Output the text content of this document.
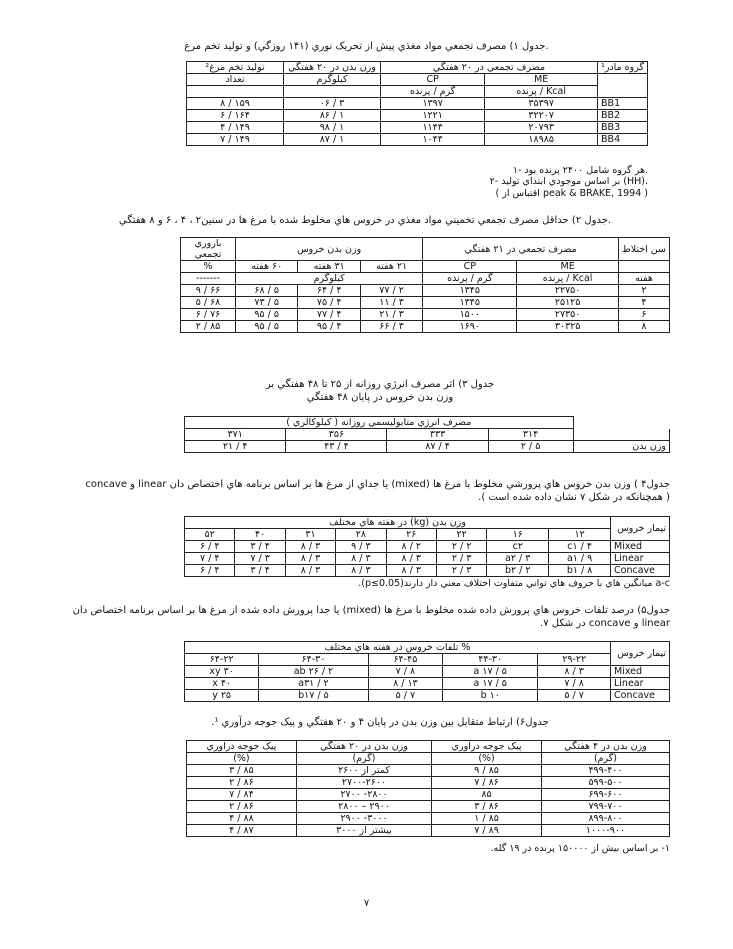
جدول ۱) مصرف تجمعي مواد مغذي پيش از تحريک نوري (۱۴۱ روزگي) و توليد تخم مرغ.
گروه مادر¹	مصرف تجمعي در ۲۰ هفتگي		وزن بدن در ۲۰ هفتگي	توليد تخم مرغ²

	ME	CP	کيلوگرم	تعداد
	Kcal / پرنده	گرم / پرنده		
BB1	۳۵۳۹۷	۱۳۹۷	۳ / ۰۶	۱۵۹ / ۸
BB2	۳۲۲۰۷	۱۲۲۱	۱ / ۸۶	۱۶۴ / ۶
BB3	۲۰۷۹۳	۱۱۴۴	۱ / ۹۸	۱۴۹ / ۴
BB4	۱۸۹۸۵	۱۰۴۴	۱ / ۸۷	۱۴۹ / ۷
۱- هر گروه شامل ۲۴۰۰ پرنده بود.
۲- بر اساس موجودي ابتداي توليد (HH).
( اقتباس از peak & BRAKE, 1994 )
جدول ۲) حداقل مصرف تجمعي تخميني مواد مغذي در خروس هاي مخلوط شده با مرغ ها در سنين۲ ، ۴ ، ۶ و ۸ هفتگي.
سن اختلاط	مصرف تجمعي در ۲۱ هفتگي		وزن بدن خروس			باروري تجمعي

	ME	CP	۲۱ هفته	۳۱ هفته	۶۰ هفته	%
هفته	Kcal / پرنده	گرم / پرنده	کيلوگرم			-------
۲	۲۲۷۵۰	۱۳۴۵	۲ / ۷۷	۴ / ۶۴	۵ / ۶۸	۶۶ / ۹
۴	۲۵۱۲۵	۱۳۴۵	۳ / ۱۱	۴ / ۷۵	۵ / ۷۳	۶۸ / ۵
۶	۲۷۳۵۰	۱۵۰۰	۳ / ۲۱	۴ / ۷۷	۵ / ۹۵	۷۶ / ۶
۸	۳۰۳۲۵	۱۶۹۰	۳ / ۶۶	۴ / ۹۵	۵ / ۹۵	۸۵ / ۲
جدول ۳) اثر مصرف انرژي روزانه از ۲۵ تا ۴۸ هفتگي بر
وزن بدن خروس در پايان ۴۸ هفتگي
	مصرف انرژي متابوليسمي روزانه ( کيلوکالري )			
	۳۱۴	۳۳۳	۳۵۶	۳۷۱
وزن بدن	۵ / ۲	۴ / ۸۷	۴ / ۴۳	۴ / ۲۱
جدول۴ ) وزن بدن خروس هاي پرورشي مخلوط با مرغ ها (mixed) يا جداي از مرغ ها بر اساس برنامه هاي اختصاص دان linear و concave ( همچنانکه در شکل ۷ نشان داده شده است ).
تيمار خروس	وزن بدن (kg) در هفته هاي مختلف							
	۱۲	۱۶	۲۲	۲۶	۲۸	۳۱	۴۰	۵۲
Mixed	c۱ / ۴	c۲	۲ / ۲	۲ / ۸	۳ / ۹	۳ / ۸	۴ / ۳	۴ / ۶
Linear	a۱ / ۹	a۲ / ۳	۳ / ۲	۳ / ۸	۳ / ۸	۳ / ۸	۳ / ۷	۴ / ۷
Concave	b۱ / ۸	b۲ / ۲	۳ / ۲	۳ / ۸	۳ / ۸	۳ / ۸	۴ / ۳	۴ / ۶
a-c ميانگين هاي با حروف هاي تواني متفاوت اختلاف معني دار دارند(p≤0.05).
جدول۵) درصد تلفات خروس هاي پرورش داده شده مخلوط با مرغ ها (mixed) يا جدا پرورش داده شده از مرغ ها بر اساس برنامه اختصاص دان linear و concave در شکل ۷.
تيمار خروس	% تلفات خروس در هفته هاي مختلف				
	۲۹-۲۲	۴۴-۳۰	۶۴-۴۵	۶۴-۳۰	۶۴-۲۲
Mixed	۳ / ۸	a ۱۷ / ۵	۸ / ۷	ab ۲۶ / ۲	xy ۳۰
Linear	۸ / ۷	a ۱۷ / ۵	۱۳ / ۸	a۳۱ / ۲	x ۴۰
Concave	۷ / ۵	b ۱۰	۷ / ۵	b۱۷ / ۵	y ۲۵
جدول۶) ارتباط متقابل بين وزن بدن در پايان ۴ و ۲۰ هفتگي و پيک جوجه درآوري ¹.
وزن بدن در ۴ هفتگي	پيک جوجه درآوري	وزن بدن در ۲۰ هفتگي	پيک جوجه درآوري
(گرم)	(%)	(گرم)	(%)
۴۹۹-۴۰۰	۸۵ / ۹	کمتر از ۲۶۰۰	۸۵ / ۳
۵۹۹-۵۰۰	۸۶ / ۷	۲۷۰۰-۲۶۰۰	۸۶ / ۲
۶۹۹-۶۰۰	۸۵	۲۸۰۰- ۲۷۰۰	۸۴ / ۷
۷۹۹-۷۰۰	۸۶ / ۳	۲۹۰۰ – ۲۸۰۰	۸۶ / ۲
۸۹۹-۸۰۰	۸۵ / ۱	۳۰۰۰- ۲۹۰۰	۸۸ / ۴
۱۰۰۰-۹۰۰	۸۹ / ۷	بيشتر از ۳۰۰۰	۸۷ / ۴
۱- بر اساس بيش از ۱۵۰۰۰۰ پرنده در ۱۹ گله.
۷
